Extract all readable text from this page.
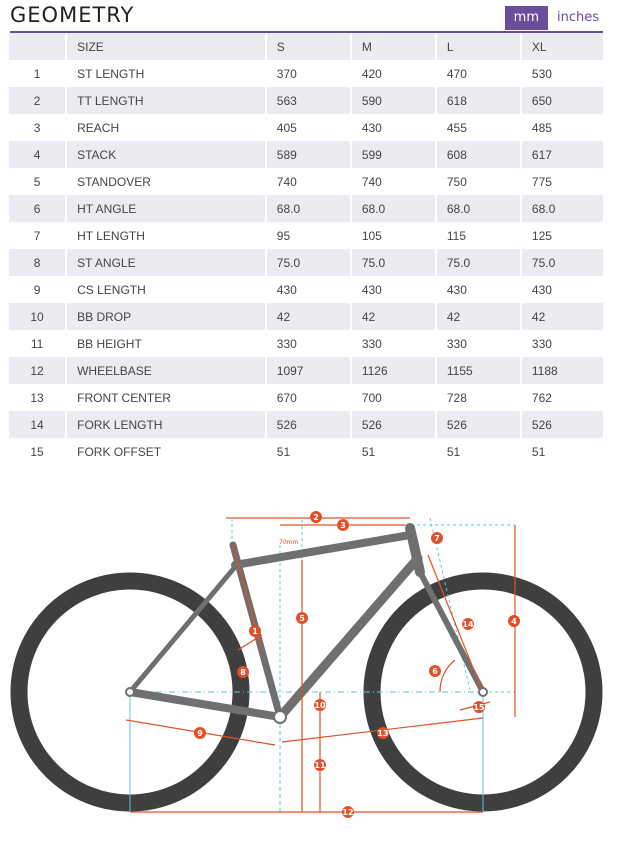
GEOMETRY	mm	inches
	SIZE	S	M	L	XL
1	ST LENGTH	370	420	470	530
2	TT LENGTH	563	590	618	650
3	REACH	405	430	455	485
4	STACK	589	599	608	617
5	STANDOVER	740	740	750	775
6	HT ANGLE	68.0	68.0	68.0	68.0
7	HT LENGTH	95	105	115	125
8	ST ANGLE	75.0	75.0	75.0	75.0
9	CS LENGTH	430	430	430	430
10	BB DROP	42	42	42	42
11	BB HEIGHT	330	330	330	330
12	WHEELBASE	1097	1126	1155	1188
13	FRONT CENTER	670	700	728	762
14	FORK LENGTH	526	526	526	526
15	FORK OFFSET	51	51	51	51
70mm
1
2
3
4
5
6
7
8
9
10
11
12
13
14
15
